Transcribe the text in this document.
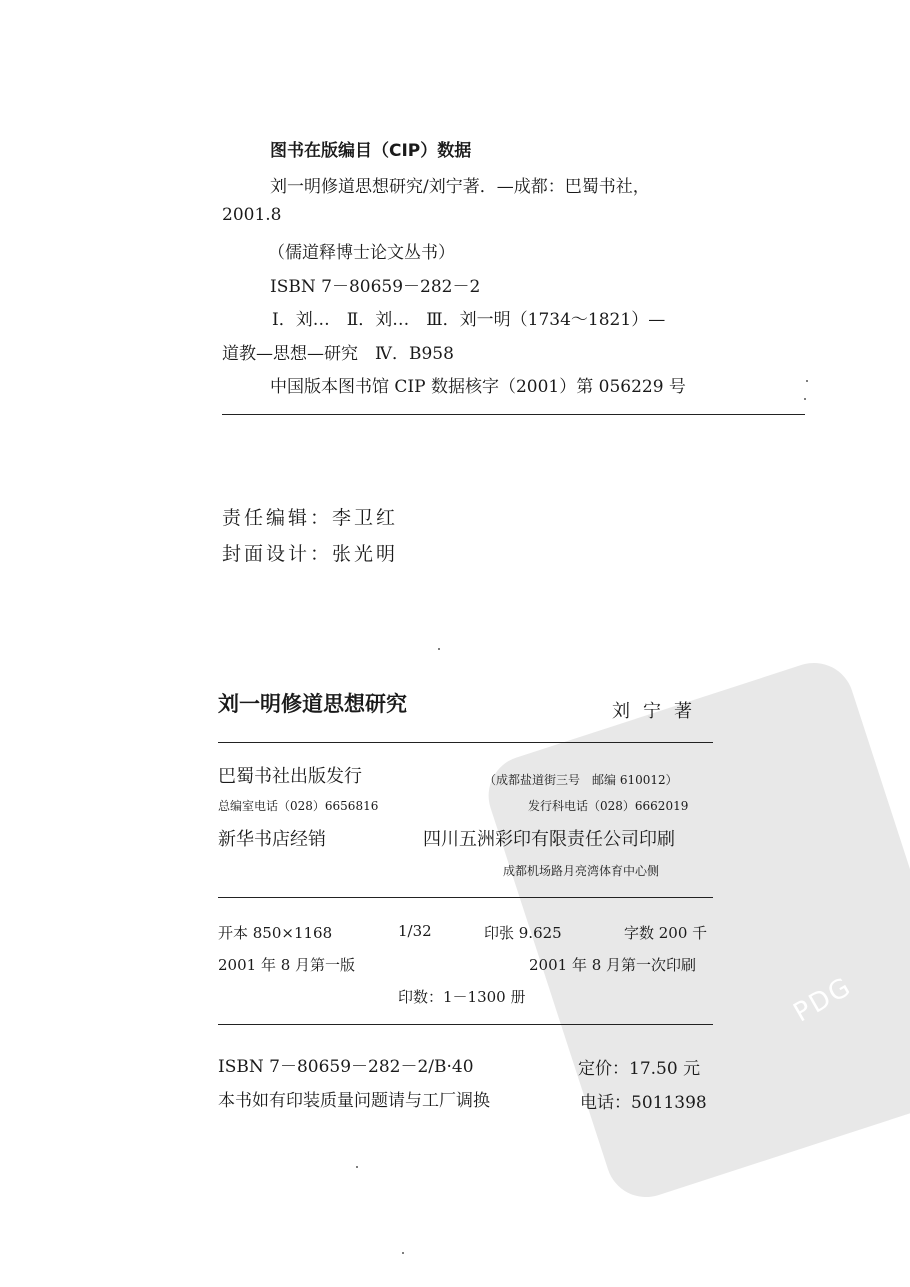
图书在版编目（CIP）数据
刘一明修道思想研究/刘宁著．—成都：巴蜀书社，
2001.8
（儒道释博士论文丛书）
ISBN 7－80659－282－2
Ⅰ．刘…　Ⅱ．刘…　Ⅲ．刘一明（1734～1821）—
道教—思想—研究　Ⅳ．B958
中国版本图书馆 CIP 数据核字（2001）第 056229 号
责任编辑：李卫红
封面设计：张光明
PDG
刘一明修道思想研究	刘宁著
巴蜀书社出版发行	（成都盐道街三号　邮编 610012）
总编室电话（028）6656816	发行科电话（028）6662019
新华书店经销	四川五洲彩印有限责任公司印刷
成都机场路月亮湾体育中心侧
开本 850×1168	1/32	印张 9.625	字数 200 千
2001 年 8 月第一版	2001 年 8 月第一次印刷
印数：1－1300 册
ISBN 7－80659－282－2/B·40	定价：17.50 元
本书如有印装质量问题请与工厂调换	电话：5011398
